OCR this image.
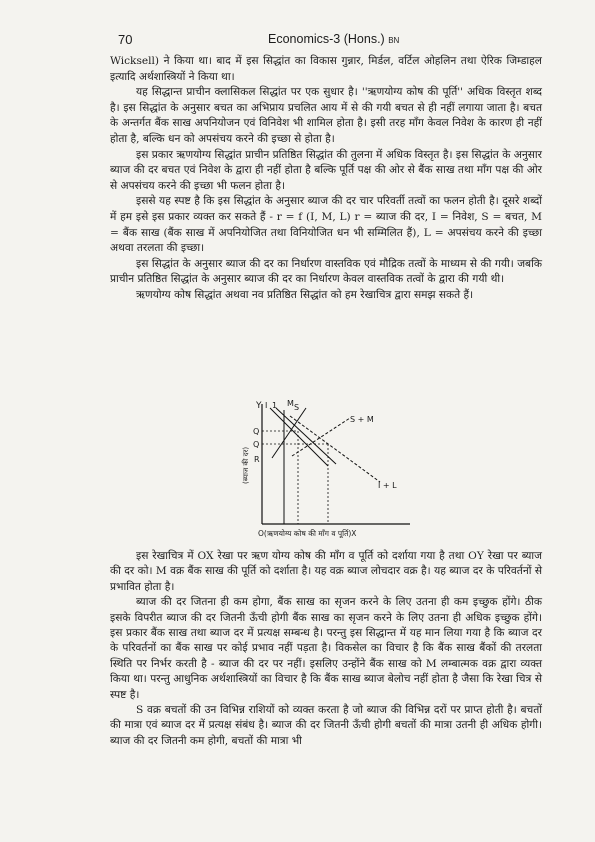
70	Economics-3 (Hons.) BN

Wicksell) ने किया था। बाद में इस सिद्धांत का विकास गुन्नार, मिर्डल, वर्टिल ओहलिन तथा ऐरिक जिम्डाहल इत्यादि अर्थशास्त्रियों ने किया था।

यह सिद्धान्त प्राचीन क्लासिकल सिद्धांत पर एक सुधार है। ''ऋणयोग्य कोष की पूर्ति'' अधिक विस्तृत शब्द है। इस सिद्धांत के अनुसार बचत का अभिप्राय प्रचलित आय में से की गयी बचत से ही नहीं लगाया जाता है। बचत के अन्तर्गत बैंक साख अपनियोजन एवं विनिवेश भी शामिल होता है। इसी तरह माँग केवल निवेश के कारण ही नहीं होता है, बल्कि धन को अपसंचय करने की इच्छा से होता है।

इस प्रकार ऋणयोग्य सिद्धांत प्राचीन प्रतिष्ठित सिद्धांत की तुलना में अधिक विस्तृत है। इस सिद्धांत के अनुसार ब्याज की दर बचत एवं निवेश के द्वारा ही नहीं होता है बल्कि पूर्ति पक्ष की ओर से बैंक साख तथा माँग पक्ष की ओर से अपसंचय करने की इच्छा भी फलन होता है।

इससे यह स्पष्ट है कि इस सिद्धांत के अनुसार ब्याज की दर चार परिवर्ती तत्वों का फलन होती है। दूसरे शब्दों में हम इसे इस प्रकार व्यक्त कर सकते हैं - r = f (I, M, L) r = ब्याज की दर, I = निवेश, S = बचत, M = बैंक साख (बैंक साख में अपनियोजित तथा विनियोजित धन भी सम्मिलित हैं), L = अपसंचय करने की इच्छा अथवा तरलता की इच्छा।

इस सिद्धांत के अनुसार ब्याज की दर का निर्धारण वास्तविक एवं मौद्रिक तत्वों के माध्यम से की गयी। जबकि प्राचीन प्रतिष्ठित सिद्धांत के अनुसार ब्याज की दर का निर्धारण केवल वास्तविक तत्वों के द्वारा की गयी थी।

ऋणयोग्य कोष सिद्धांत अथवा नव प्रतिष्ठित सिद्धांत को हम रेखाचित्र द्वारा समझ सकते हैं।

Y
(ब्याज की दर)
O(ऋणयोग्य कोष की माँग व पूर्ति)X
I 1 M S
S + M
I + L
Q
Q
R

इस रेखाचित्र में OX रेखा पर ऋण योग्य कोष की माँग व पूर्ति को दर्शाया गया है तथा OY रेखा पर ब्याज की दर को। M वक्र बैंक साख की पूर्ति को दर्शाता है। यह वक्र ब्याज लोचदार वक्र है। यह ब्याज दर के परिवर्तनों से प्रभावित होता है।

ब्याज की दर जितना ही कम होगा, बैंक साख का सृजन करने के लिए उतना ही कम इच्छुक होंगे। ठीक इसके विपरीत ब्याज की दर जितनी ऊँची होगी बैंक साख का सृजन करने के लिए उतना ही अधिक इच्छुक होंगे। इस प्रकार बैंक साख तथा ब्याज दर में प्रत्यक्ष सम्बन्ध है। परन्तु इस सिद्धान्त में यह मान लिया गया है कि ब्याज दर के परिवर्तनों का बैंक साख पर कोई प्रभाव नहीं पड़ता है। विकसेल का विचार है कि बैंक साख बैंकों की तरलता स्थिति पर निर्भर करती है - ब्याज की दर पर नहीं। इसलिए उन्होंने बैंक साख को M लम्बात्मक वक्र द्वारा व्यक्त किया था। परन्तु आधुनिक अर्थशास्त्रियों का विचार है कि बैंक साख ब्याज बेलोच नहीं होता है जैसा कि रेखा चित्र से स्पष्ट है।

S वक्र बचतों की उन विभिन्न राशियों को व्यक्त करता है जो ब्याज की विभिन्न दरों पर प्राप्त होती है। बचतों की मात्रा एवं ब्याज दर में प्रत्यक्ष संबंध है। ब्याज की दर जितनी ऊँची होगी बचतों की मात्रा उतनी ही अधिक होगी। ब्याज की दर जितनी कम होगी, बचतों की मात्रा भी
